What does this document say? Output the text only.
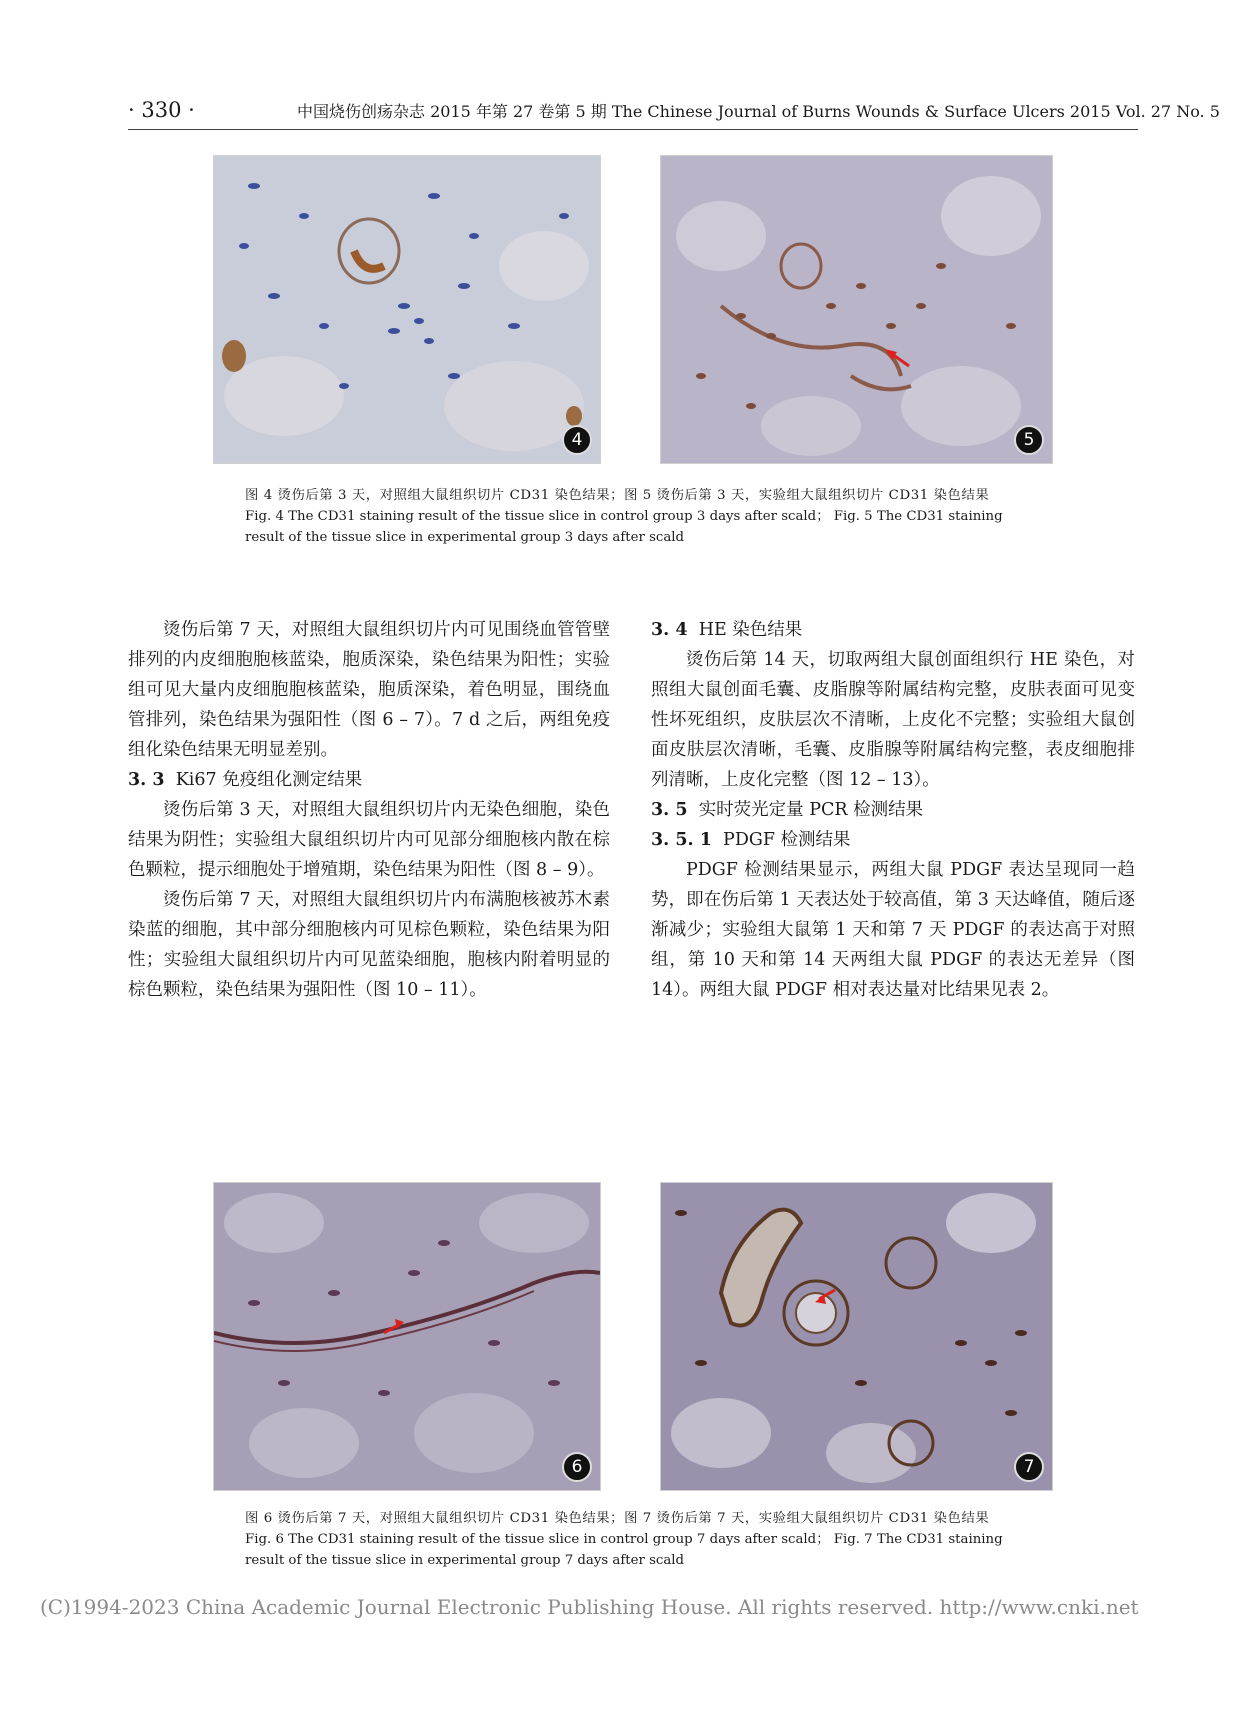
· 330 ·	中国烧伤创疡杂志 2015 年第 27 卷第 5 期 The Chinese Journal of Burns Wounds & Surface Ulcers 2015 Vol. 27 No. 5
4	5
图 4 烫伤后第 3 天，对照组大鼠组织切片 CD31 染色结果；图 5 烫伤后第 3 天，实验组大鼠组织切片 CD31 染色结果
Fig. 4 The CD31 staining result of the tissue slice in control group 3 days after scald； Fig. 5 The CD31 staining result of the tissue slice in experimental group 3 days after scald

烫伤后第 7 天，对照组大鼠组织切片内可见围绕血管管壁排列的内皮细胞胞核蓝染，胞质深染，染色结果为阳性；实验组可见大量内皮细胞胞核蓝染，胞质深染，着色明显，围绕血管排列，染色结果为强阳性（图 6 – 7）。7 d 之后，两组免疫组化染色结果无明显差别。

3. 3 Ki67 免疫组化测定结果

烫伤后第 3 天，对照组大鼠组织切片内无染色细胞，染色结果为阴性；实验组大鼠组织切片内可见部分细胞核内散在棕色颗粒，提示细胞处于增殖期，染色结果为阳性（图 8 – 9）。

烫伤后第 7 天，对照组大鼠组织切片内布满胞核被苏木素染蓝的细胞，其中部分细胞核内可见棕色颗粒，染色结果为阳性；实验组大鼠组织切片内可见蓝染细胞，胞核内附着明显的棕色颗粒，染色结果为强阳性（图 10 – 11）。

3. 4 HE 染色结果

烫伤后第 14 天，切取两组大鼠创面组织行 HE 染色，对照组大鼠创面毛囊、皮脂腺等附属结构完整，皮肤表面可见变性坏死组织，皮肤层次不清晰，上皮化不完整；实验组大鼠创面皮肤层次清晰，毛囊、皮脂腺等附属结构完整，表皮细胞排列清晰，上皮化完整（图 12 – 13）。

3. 5 实时荧光定量 PCR 检测结果

3. 5. 1 PDGF 检测结果

PDGF 检测结果显示，两组大鼠 PDGF 表达呈现同一趋势，即在伤后第 1 天表达处于较高值，第 3 天达峰值，随后逐渐减少；实验组大鼠第 1 天和第 7 天 PDGF 的表达高于对照组，第 10 天和第 14 天两组大鼠 PDGF 的表达无差异（图 14）。两组大鼠 PDGF 相对表达量对比结果见表 2。

6	7
图 6 烫伤后第 7 天，对照组大鼠组织切片 CD31 染色结果；图 7 烫伤后第 7 天，实验组大鼠组织切片 CD31 染色结果
Fig. 6 The CD31 staining result of the tissue slice in control group 7 days after scald； Fig. 7 The CD31 staining result of the tissue slice in experimental group 7 days after scald
(C)1994-2023 China Academic Journal Electronic Publishing House. All rights reserved. http://www.cnki.net
